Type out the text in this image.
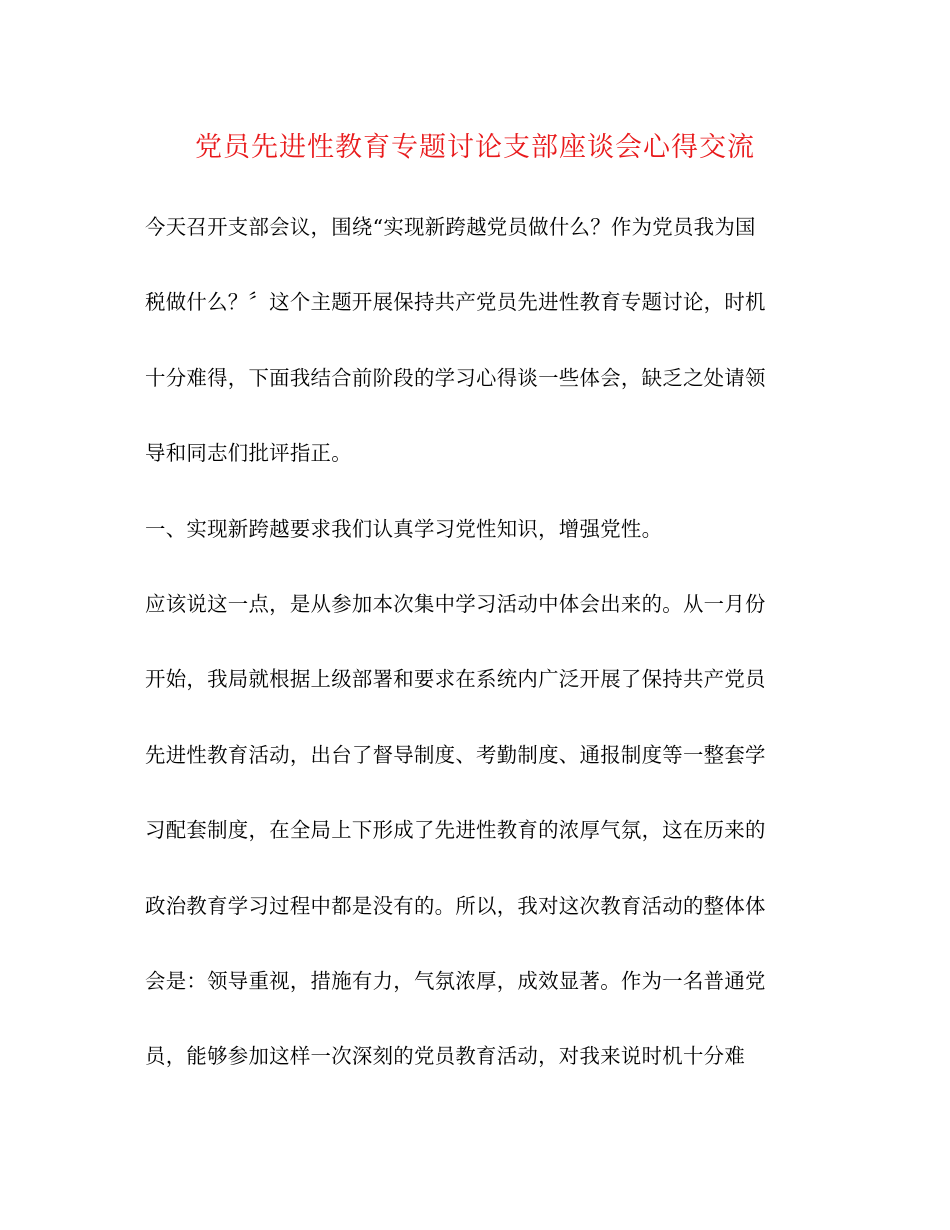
党员先进性教育专题讨论支部座谈会心得交流
今天召开支部会议，围绕“实现新跨越党员做什么？作为党员我为国
税做什么？〞这个主题开展保持共产党员先进性教育专题讨论，时机
十分难得，下面我结合前阶段的学习心得谈一些体会，缺乏之处请领
导和同志们批评指正。
一、实现新跨越要求我们认真学习党性知识，增强党性。
应该说这一点，是从参加本次集中学习活动中体会出来的。从一月份
开始，我局就根据上级部署和要求在系统内广泛开展了保持共产党员
先进性教育活动，出台了督导制度、考勤制度、通报制度等一整套学
习配套制度，在全局上下形成了先进性教育的浓厚气氛，这在历来的
政治教育学习过程中都是没有的。所以，我对这次教育活动的整体体
会是：领导重视，措施有力，气氛浓厚，成效显著。作为一名普通党
员，能够参加这样一次深刻的党员教育活动，对我来说时机十分难
